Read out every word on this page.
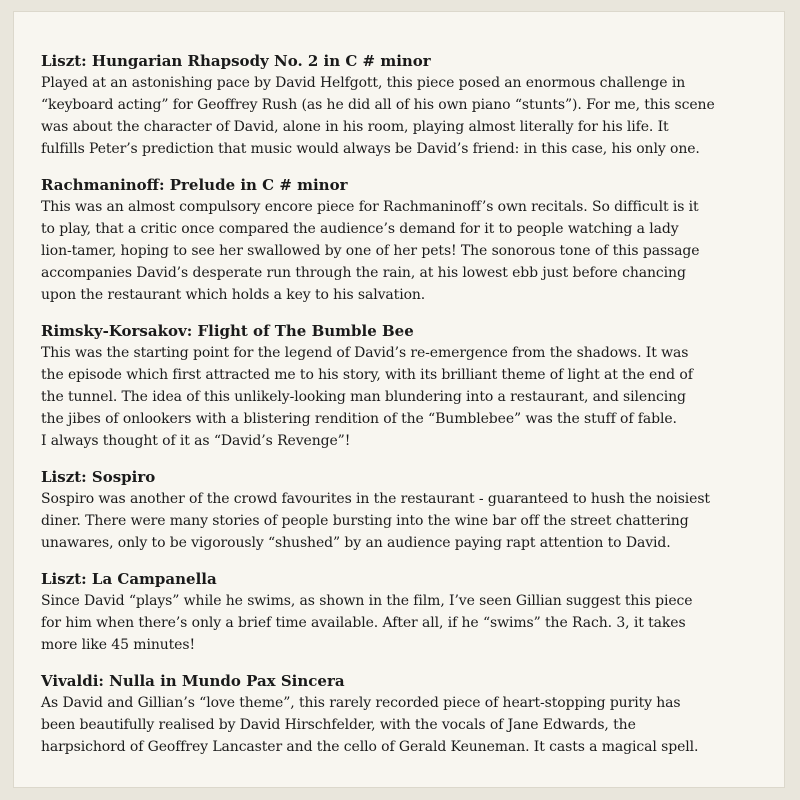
Liszt: Hungarian Rhapsody No. 2 in C # minor

Played at an astonishing pace by David Helfgott, this piece posed an enormous challenge in
“keyboard acting” for Geoffrey Rush (as he did all of his own piano “stunts”). For me, this scene
was about the character of David, alone in his room, playing almost literally for his life. It
fulfills Peter’s prediction that music would always be David’s friend: in this case, his only one.

Rachmaninoff: Prelude in C # minor

This was an almost compulsory encore piece for Rachmaninoff’s own recitals. So difficult is it
to play, that a critic once compared the audience’s demand for it to people watching a lady
lion-tamer, hoping to see her swallowed by one of her pets! The sonorous tone of this passage
accompanies David’s desperate run through the rain, at his lowest ebb just before chancing
upon the restaurant which holds a key to his salvation.

Rimsky-Korsakov: Flight of The Bumble Bee

This was the starting point for the legend of David’s re-emergence from the shadows. It was
the episode which first attracted me to his story, with its brilliant theme of light at the end of
the tunnel. The idea of this unlikely-looking man blundering into a restaurant, and silencing
the jibes of onlookers with a blistering rendition of the “Bumblebee” was the stuff of fable.
I always thought of it as “David’s Revenge”!

Liszt: Sospiro

Sospiro was another of the crowd favourites in the restaurant - guaranteed to hush the noisiest
diner. There were many stories of people bursting into the wine bar off the street chattering
unawares, only to be vigorously “shushed” by an audience paying rapt attention to David.

Liszt: La Campanella

Since David “plays” while he swims, as shown in the film, I’ve seen Gillian suggest this piece
for him when there’s only a brief time available. After all, if he “swims” the Rach. 3, it takes
more like 45 minutes!

Vivaldi: Nulla in Mundo Pax Sincera

As David and Gillian’s “love theme”, this rarely recorded piece of heart-stopping purity has
been beautifully realised by David Hirschfelder, with the vocals of Jane Edwards, the
harpsichord of Geoffrey Lancaster and the cello of Gerald Keuneman. It casts a magical spell.
